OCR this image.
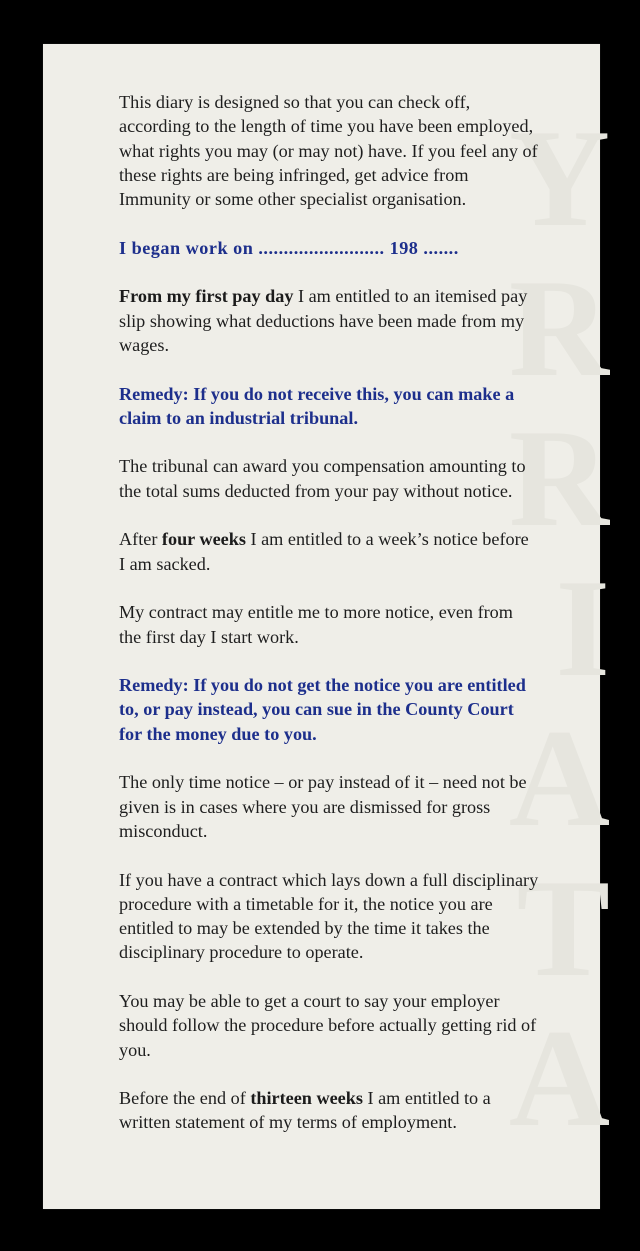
Y
R
R
I
A
T
A

This diary is designed so that you can check off, according to the length of time you have been employed, what rights you may (or may not) have. If you feel any of these rights are being infringed, get advice from Immunity or some other specialist organisation.

I began work on ......................... 198 .......

From my first pay day I am entitled to an itemised pay slip showing what deductions have been made from my wages.

Remedy: If you do not receive this, you can make a claim to an industrial tribunal.

The tribunal can award you compensation amounting to the total sums deducted from your pay without notice.

After four weeks I am entitled to a week’s notice before I am sacked.

My contract may entitle me to more notice, even from the first day I start work.

Remedy: If you do not get the notice you are entitled to, or pay instead, you can sue in the County Court for the money due to you.

The only time notice – or pay instead of it – need not be given is in cases where you are dismissed for gross misconduct.

If you have a contract which lays down a full disciplinary procedure with a timetable for it, the notice you are entitled to may be extended by the time it takes the disciplinary procedure to operate.

You may be able to get a court to say your employer should follow the procedure before actually getting rid of you.

Before the end of thirteen weeks I am entitled to a written statement of my terms of employment.
